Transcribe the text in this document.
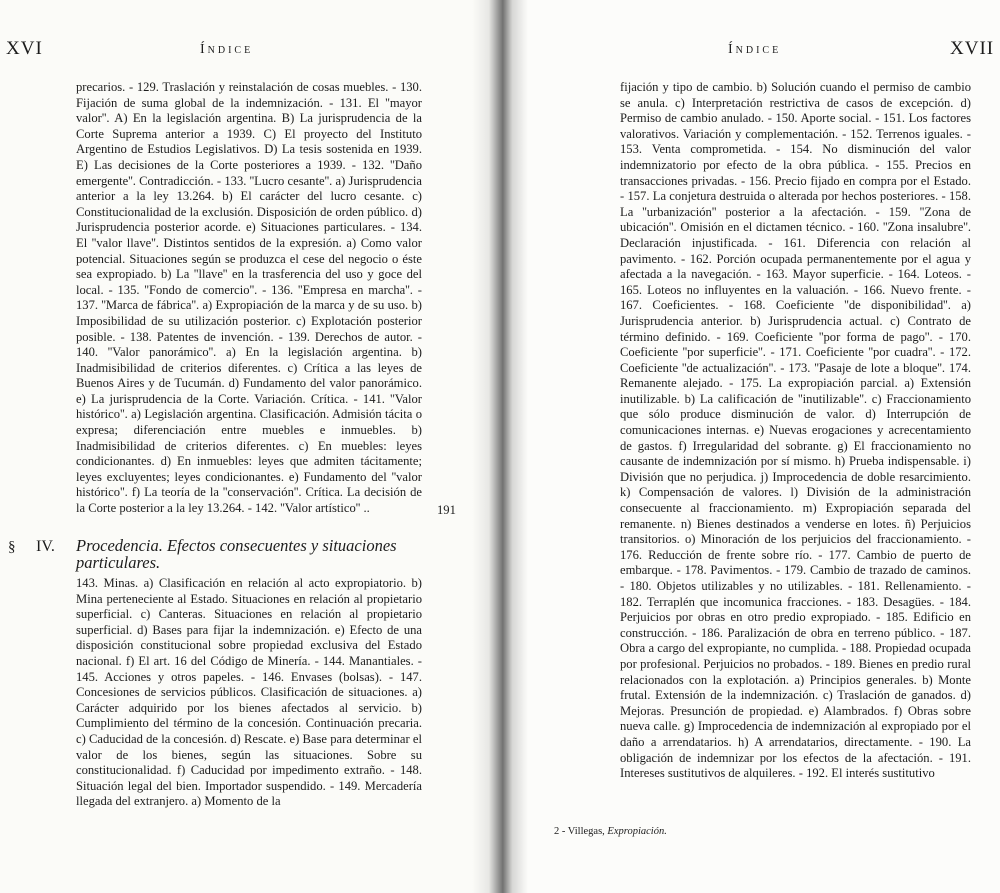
XVI	Índice
precarios. - 129. Traslación y reinstalación de cosas muebles. - 130. Fijación de suma global de la indemnización. - 131. El ''mayor valor''. A) En la legislación argentina. B) La jurisprudencia de la Corte Suprema anterior a 1939. C) El proyecto del Instituto Argentino de Estudios Legislativos. D) La tesis sostenida en 1939. E) Las decisiones de la Corte posteriores a 1939. - 132. ''Daño emergente''. Contradicción. - 133. ''Lucro cesante''. a) Jurisprudencia anterior a la ley 13.264. b) El carácter del lucro cesante. c) Constitucionalidad de la exclusión. Disposición de orden público. d) Jurisprudencia posterior acorde. e) Situaciones particulares. - 134. El ''valor llave''. Distintos sentidos de la expresión. a) Como valor potencial. Situaciones según se produzca el cese del negocio o éste sea expropiado. b) La ''llave'' en la trasferencia del uso y goce del local. - 135. ''Fondo de comercio''. - 136. ''Empresa en marcha''. - 137. ''Marca de fábrica''. a) Expropiación de la marca y de su uso. b) Imposibilidad de su utilización posterior. c) Explotación posterior posible. - 138. Patentes de invención. - 139. Derechos de autor. - 140. ''Valor panorámico''. a) En la legislación argentina. b) Inadmisibilidad de criterios diferentes. c) Crítica a las leyes de Buenos Aires y de Tucumán. d) Fundamento del valor panorámico. e) La jurisprudencia de la Corte. Variación. Crítica. - 141. ''Valor histórico''. a) Legislación argentina. Clasificación. Admisión tácita o expresa; diferenciación entre muebles e inmuebles. b) Inadmisibilidad de criterios diferentes. c) En muebles: leyes condicionantes. d) En inmuebles: leyes que admiten tácitamente; leyes excluyentes; leyes condicionantes. e) Fundamento del ''valor histórico''. f) La teoría de la ''conservación''. Crítica. La decisión de la Corte posterior a la ley 13.264. - 142. ''Valor artístico'' ..	191
§ IV. Procedencia. Efectos consecuentes y situaciones particulares.
143. Minas. a) Clasificación en relación al acto expropiatorio. b) Mina perteneciente al Estado. Situaciones en relación al propietario superficial. c) Canteras. Situaciones en relación al propietario superficial. d) Bases para fijar la indemnización. e) Efecto de una disposición constitucional sobre propiedad exclusiva del Estado nacional. f) El art. 16 del Código de Minería. - 144. Manantiales. - 145. Acciones y otros papeles. - 146. Envases (bolsas). - 147. Concesiones de servicios públicos. Clasificación de situaciones. a) Carácter adquirido por los bienes afectados al servicio. b) Cumplimiento del término de la concesión. Continuación precaria. c) Caducidad de la concesión. d) Rescate. e) Base para determinar el valor de los bienes, según las situaciones. Sobre su constitucionalidad. f) Caducidad por impedimento extraño. - 148. Situación legal del bien. Importador suspendido. - 149. Mercadería llegada del extranjero. a) Momento de la
Índice	XVII
fijación y tipo de cambio. b) Solución cuando el permiso de cambio se anula. c) Interpretación restrictiva de casos de excepción. d) Permiso de cambio anulado. - 150. Aporte social. - 151. Los factores valorativos. Variación y complementación. - 152. Terrenos iguales. - 153. Venta comprometida. - 154. No disminución del valor indemnizatorio por efecto de la obra pública. - 155. Precios en transacciones privadas. - 156. Precio fijado en compra por el Estado. - 157. La conjetura destruida o alterada por hechos posteriores. - 158. La ''urbanización'' posterior a la afectación. - 159. ''Zona de ubicación''. Omisión en el dictamen técnico. - 160. ''Zona insalubre''. Declaración injustificada. - 161. Diferencia con relación al pavimento. - 162. Porción ocupada permanentemente por el agua y afectada a la navegación. - 163. Mayor superficie. - 164. Loteos. - 165. Loteos no influyentes en la valuación. - 166. Nuevo frente. - 167. Coeficientes. - 168. Coeficiente ''de disponibilidad''. a) Jurisprudencia anterior. b) Jurisprudencia actual. c) Contrato de término definido. - 169. Coeficiente ''por forma de pago''. - 170. Coeficiente ''por superficie''. - 171. Coeficiente ''por cuadra''. - 172. Coeficiente ''de actualización''. - 173. ''Pasaje de lote a bloque''. 174. Remanente alejado. - 175. La expropiación parcial. a) Extensión inutilizable. b) La calificación de ''inutilizable''. c) Fraccionamiento que sólo produce disminución de valor. d) Interrupción de comunicaciones internas. e) Nuevas erogaciones y acrecentamiento de gastos. f) Irregularidad del sobrante. g) El fraccionamiento no causante de indemnización por sí mismo. h) Prueba indispensable. i) División que no perjudica. j) Improcedencia de doble resarcimiento. k) Compensación de valores. l) División de la administración consecuente al fraccionamiento. m) Expropiación separada del remanente. n) Bienes destinados a venderse en lotes. ñ) Perjuicios transitorios. o) Minoración de los perjuicios del fraccionamiento. - 176. Reducción de frente sobre río. - 177. Cambio de puerto de embarque. - 178. Pavimentos. - 179. Cambio de trazado de caminos. - 180. Objetos utilizables y no utilizables. - 181. Rellenamiento. - 182. Terraplén que incomunica fracciones. - 183. Desagües. - 184. Perjuicios por obras en otro predio expropiado. - 185. Edificio en construcción. - 186. Paralización de obra en terreno público. - 187. Obra a cargo del expropiante, no cumplida. - 188. Propiedad ocupada por profesional. Perjuicios no probados. - 189. Bienes en predio rural relacionados con la explotación. a) Principios generales. b) Monte frutal. Extensión de la indemnización. c) Traslación de ganados. d) Mejoras. Presunción de propiedad. e) Alambrados. f) Obras sobre nueva calle. g) Improcedencia de indemnización al expropiado por el daño a arrendatarios. h) A arrendatarios, directamente. - 190. La obligación de indemnizar por los efectos de la afectación. - 191. Intereses sustitutivos de alquileres. - 192. El interés sustitutivo
2 - Villegas, Expropiación.
